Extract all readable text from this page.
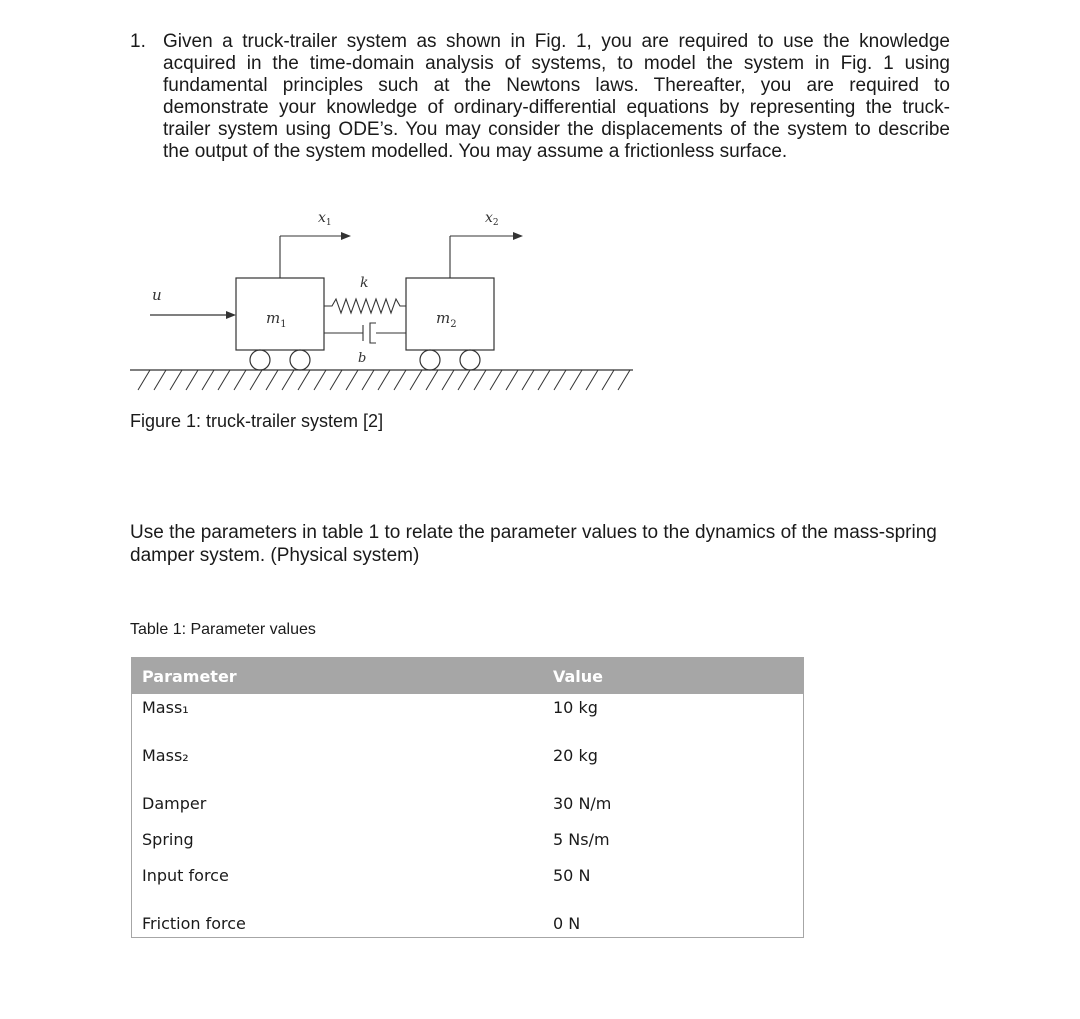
1. Given a truck-trailer system as shown in Fig. 1, you are required to use the knowledge acquired in the time-domain analysis of systems, to model the system in Fig. 1 using fundamental principles such at the Newtons laws. Thereafter, you are required to demonstrate your knowledge of ordinary-differential equations by representing the truck-trailer system using ODE’s. You may consider the displacements of the system to describe the output of the system modelled. You may assume a frictionless surface.
$m_1$	$m_2$
u
k
b
$x_1$	$x_2$
Figure 1: truck-trailer system [2]
Use the parameters in table 1 to relate the parameter values to the dynamics of the mass-spring damper system. (Physical system)
Table 1: Parameter values
Parameter	Value
Mass₁	10 kg
Mass₂	20 kg
Damper	30 N/m
Spring	5 Ns/m
Input force	50 N
Friction force	0 N
